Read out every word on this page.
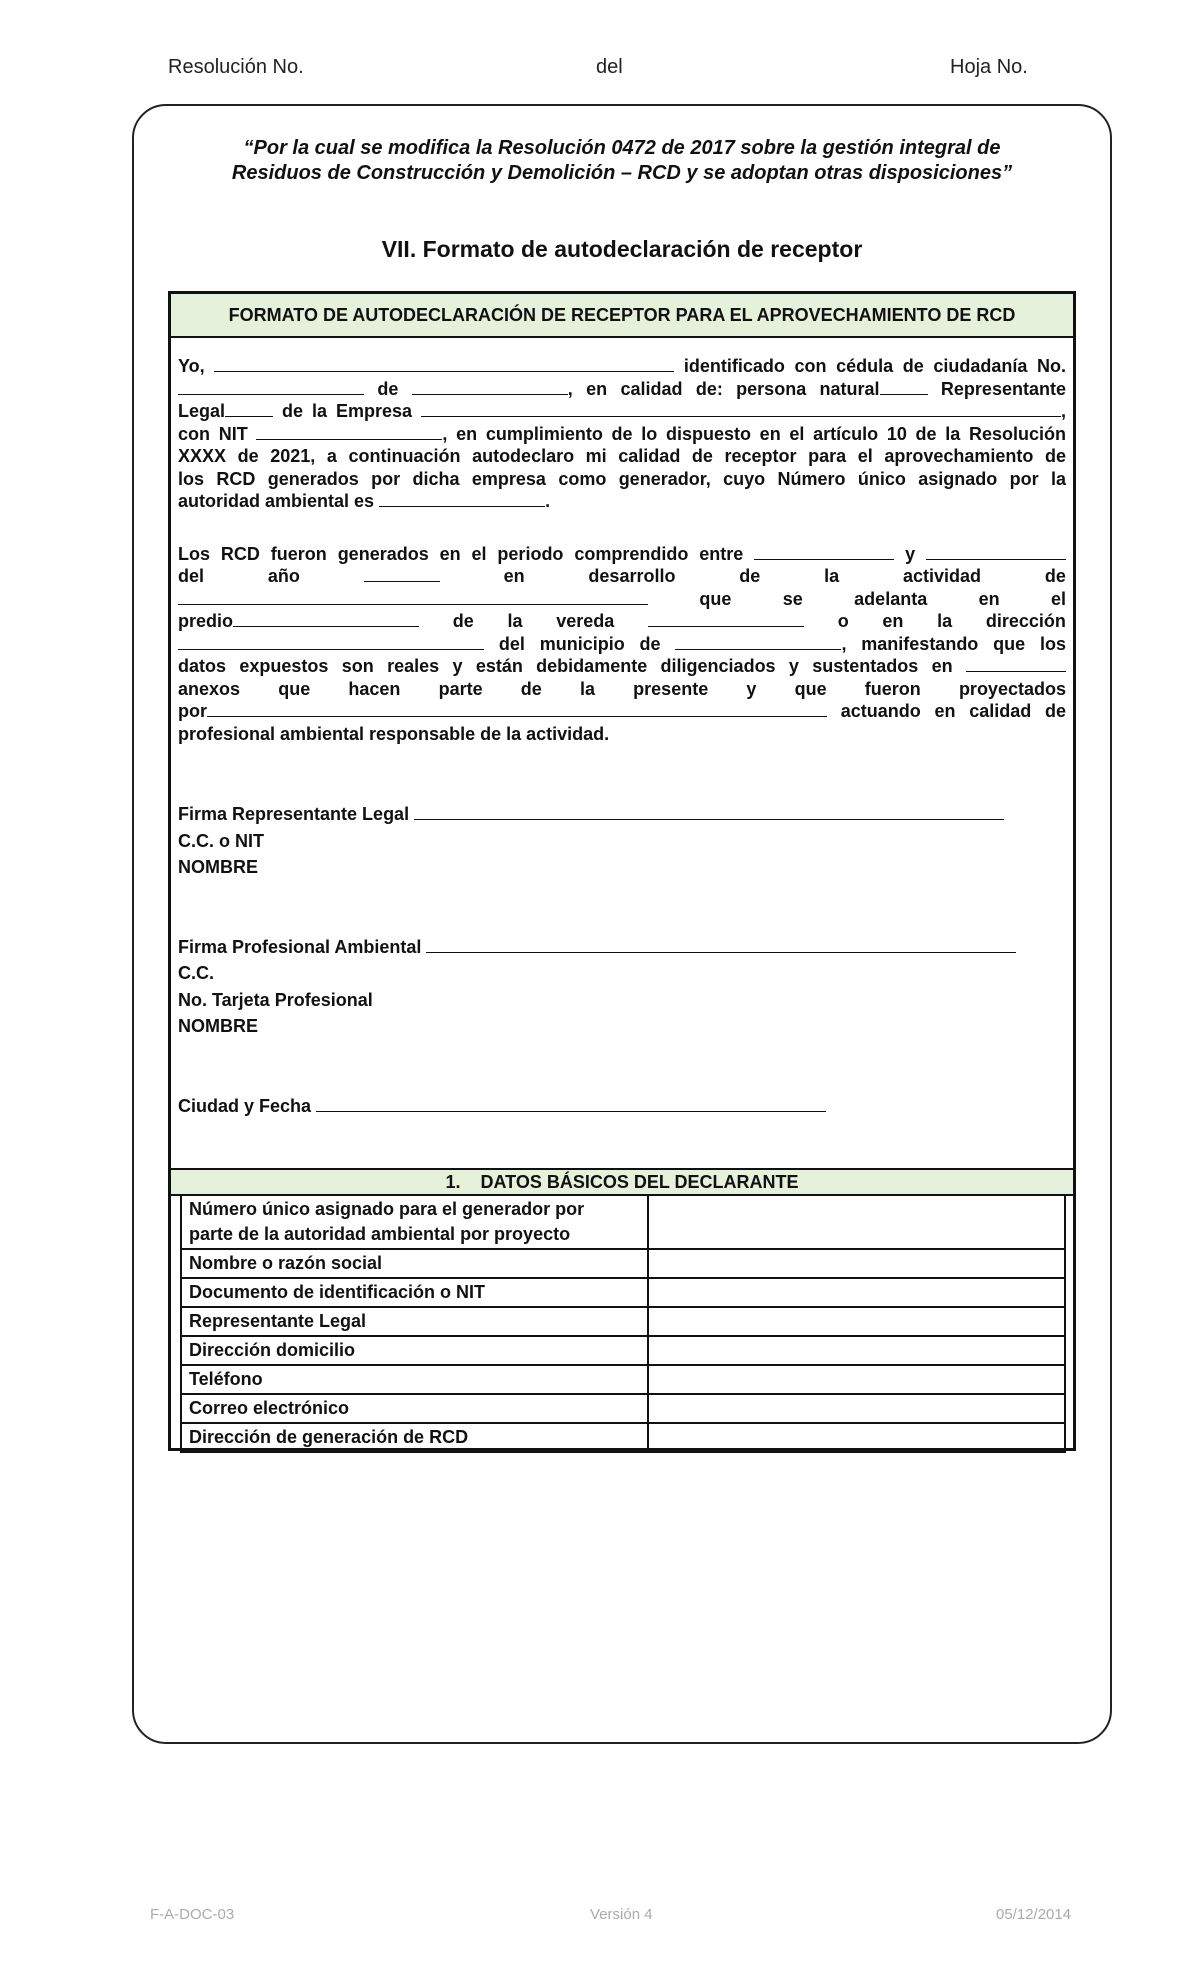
Resolución No.	del	Hoja No.
“Por la cual se modifica la Resolución 0472 de 2017 sobre la gestión integral de
Residuos de Construcción y Demolición – RCD y se adoptan otras disposiciones”
VII. Formato de autodeclaración de receptor
FORMATO DE AUTODECLARACIÓN DE RECEPTOR PARA EL APROVECHAMIENTO DE RCD

Yo,	identificado con cédula de ciudadanía No.

de	, en calidad de: persona natural	Representante

Legal	de la Empresa	,

con NIT	, en cumplimiento de lo dispuesto en el artículo 10 de la Resolución

XXXX de 2021, a continuación autodeclaro mi calidad de receptor para el aprovechamiento de

los RCD generados por dicha empresa como generador, cuyo Número único asignado por la

autoridad ambiental es	.

Los RCD fueron generados en el periodo comprendido entre	y

del	año	en	desarrollo	de	la	actividad	de

que	se	adelanta	en	el

predio	de la vereda	o en la dirección

del municipio de	, manifestando que los

datos expuestos son reales y están debidamente diligenciados y sustentados en

anexos que hacen parte de la presente y que fueron proyectados

por	actuando en calidad de

profesional ambiental responsable de la actividad.

Firma Representante Legal

C.C. o NIT

NOMBRE

Firma Profesional Ambiental

C.C.

No. Tarjeta Profesional

NOMBRE

Ciudad y Fecha

1. DATOS BÁSICOS DEL DECLARANTE
Número único asignado para el generador por
parte de la autoridad ambiental por proyecto	

Nombre o razón social	
Documento de identificación o NIT	
Representante Legal	
Dirección domicilio	
Teléfono	
Correo electrónico	
Dirección de generación de RCD	
F-A-DOC-03	Versión 4	05/12/2014
